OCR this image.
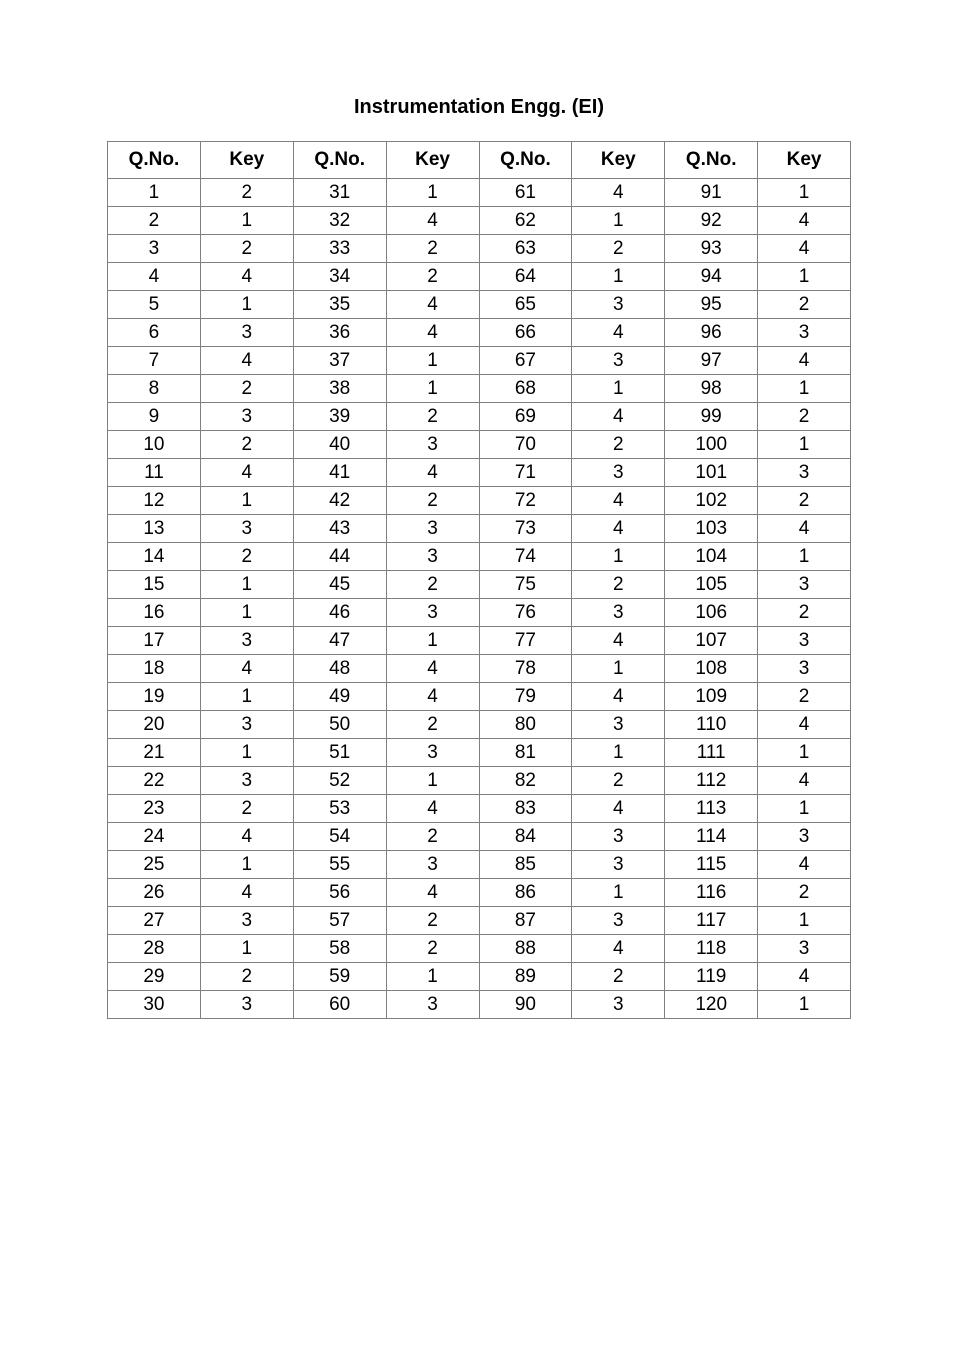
Instrumentation Engg. (EI)
Q.No.	Key	Q.No.	Key	Q.No.	Key	Q.No.	Key
1	2	31	1	61	4	91	1
2	1	32	4	62	1	92	4
3	2	33	2	63	2	93	4
4	4	34	2	64	1	94	1
5	1	35	4	65	3	95	2
6	3	36	4	66	4	96	3
7	4	37	1	67	3	97	4
8	2	38	1	68	1	98	1
9	3	39	2	69	4	99	2
10	2	40	3	70	2	100	1
11	4	41	4	71	3	101	3
12	1	42	2	72	4	102	2
13	3	43	3	73	4	103	4
14	2	44	3	74	1	104	1
15	1	45	2	75	2	105	3
16	1	46	3	76	3	106	2
17	3	47	1	77	4	107	3
18	4	48	4	78	1	108	3
19	1	49	4	79	4	109	2
20	3	50	2	80	3	110	4
21	1	51	3	81	1	111	1
22	3	52	1	82	2	112	4
23	2	53	4	83	4	113	1
24	4	54	2	84	3	114	3
25	1	55	3	85	3	115	4
26	4	56	4	86	1	116	2
27	3	57	2	87	3	117	1
28	1	58	2	88	4	118	3
29	2	59	1	89	2	119	4
30	3	60	3	90	3	120	1
